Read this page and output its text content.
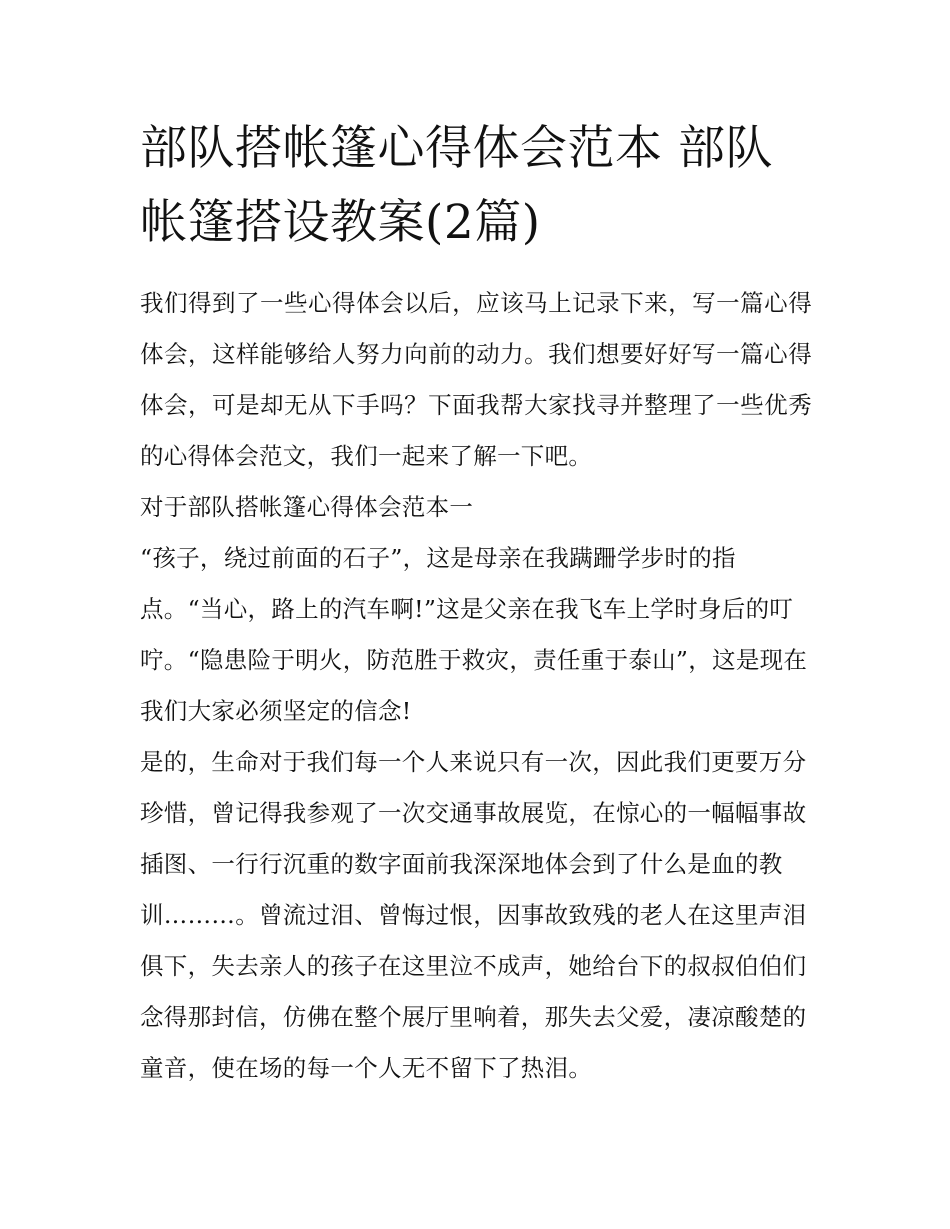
部队搭帐篷心得体会范本 部队帐篷搭设教案(2篇)

我们得到了一些心得体会以后，应该马上记录下来，写一篇心得体会，这样能够给人努力向前的动力。我们想要好好写一篇心得体会，可是却无从下手吗？下面我帮大家找寻并整理了一些优秀的心得体会范文，我们一起来了解一下吧。

对于部队搭帐篷心得体会范本一

“孩子，绕过前面的石子”，这是母亲在我蹒跚学步时的指点。“当心，路上的汽车啊!”这是父亲在我飞车上学时身后的叮咛。“隐患险于明火，防范胜于救灾，责任重于泰山”，这是现在我们大家必须坚定的信念!

是的，生命对于我们每一个人来说只有一次，因此我们更要万分珍惜，曾记得我参观了一次交通事故展览，在惊心的一幅幅事故插图、一行行沉重的数字面前我深深地体会到了什么是血的教训………。曾流过泪、曾悔过恨，因事故致残的老人在这里声泪俱下，失去亲人的孩子在这里泣不成声，她给台下的叔叔伯伯们念得那封信，仿佛在整个展厅里响着，那失去父爱，凄凉酸楚的童音，使在场的每一个人无不留下了热泪。
